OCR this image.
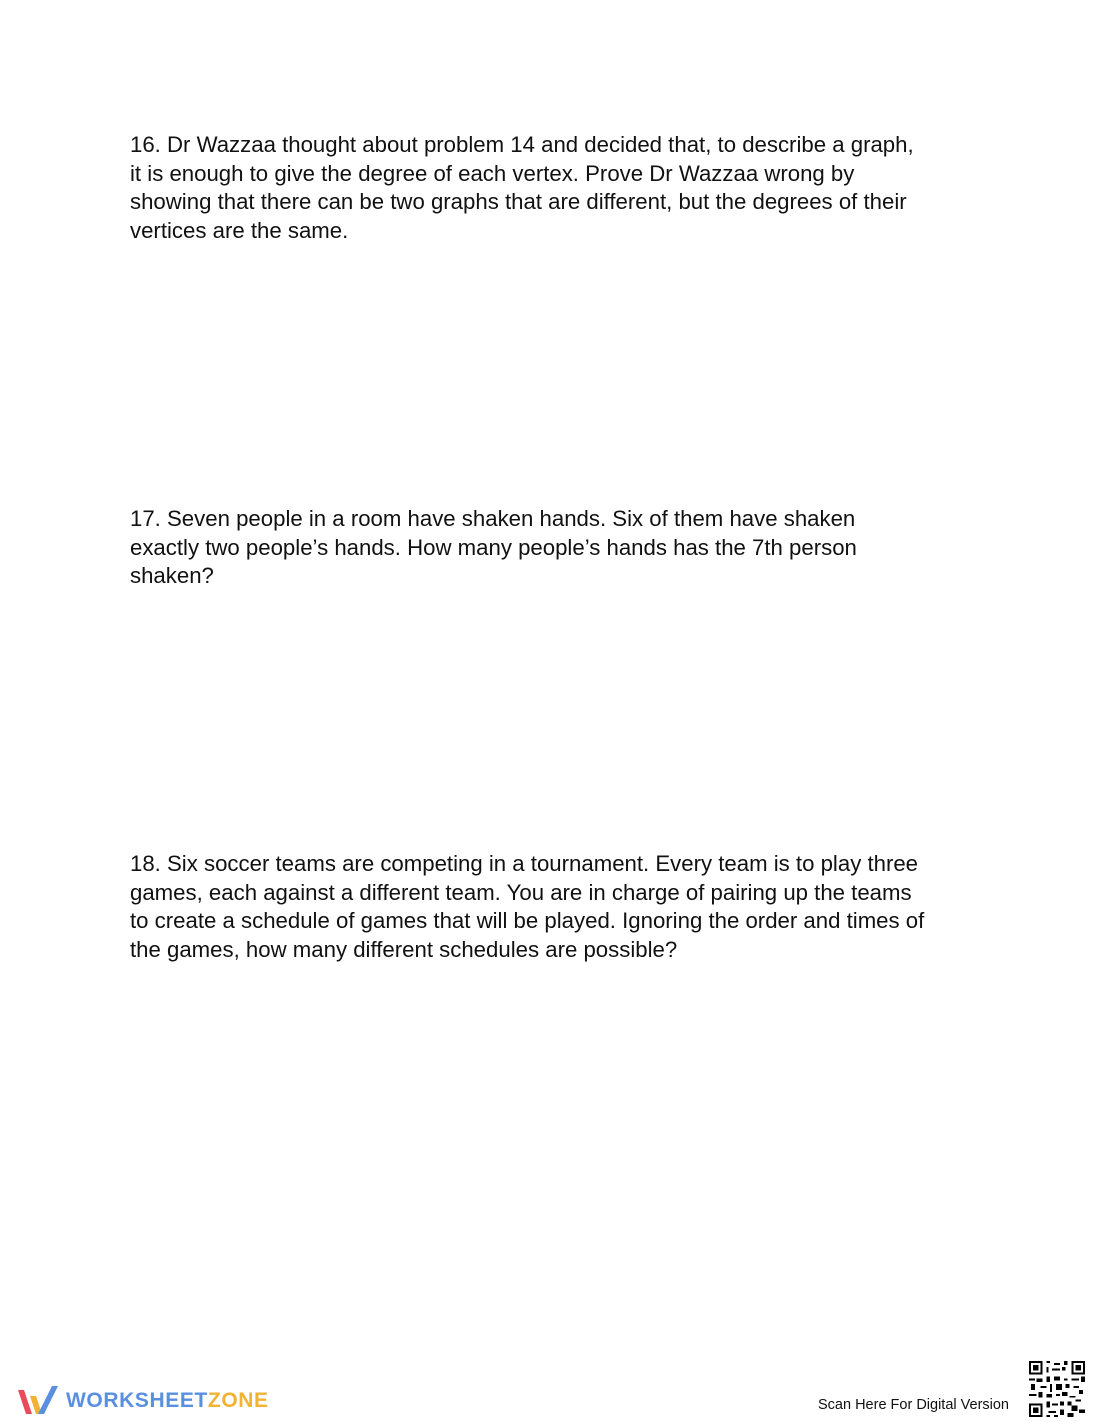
16. Dr Wazzaa thought about problem 14 and decided that, to describe a graph,
it is enough to give the degree of each vertex. Prove Dr Wazzaa wrong by
showing that there can be two graphs that are different, but the degrees of their
vertices are the same.

17. Seven people in a room have shaken hands. Six of them have shaken
exactly two people’s hands. How many people’s hands has the 7th person
shaken?

18. Six soccer teams are competing in a tournament. Every team is to play three
games, each against a different team. You are in charge of pairing up the teams
to create a schedule of games that will be played. Ignoring the order and times of
the games, how many different schedules are possible?

WORKSHEETZONE	Scan Here For Digital Version
